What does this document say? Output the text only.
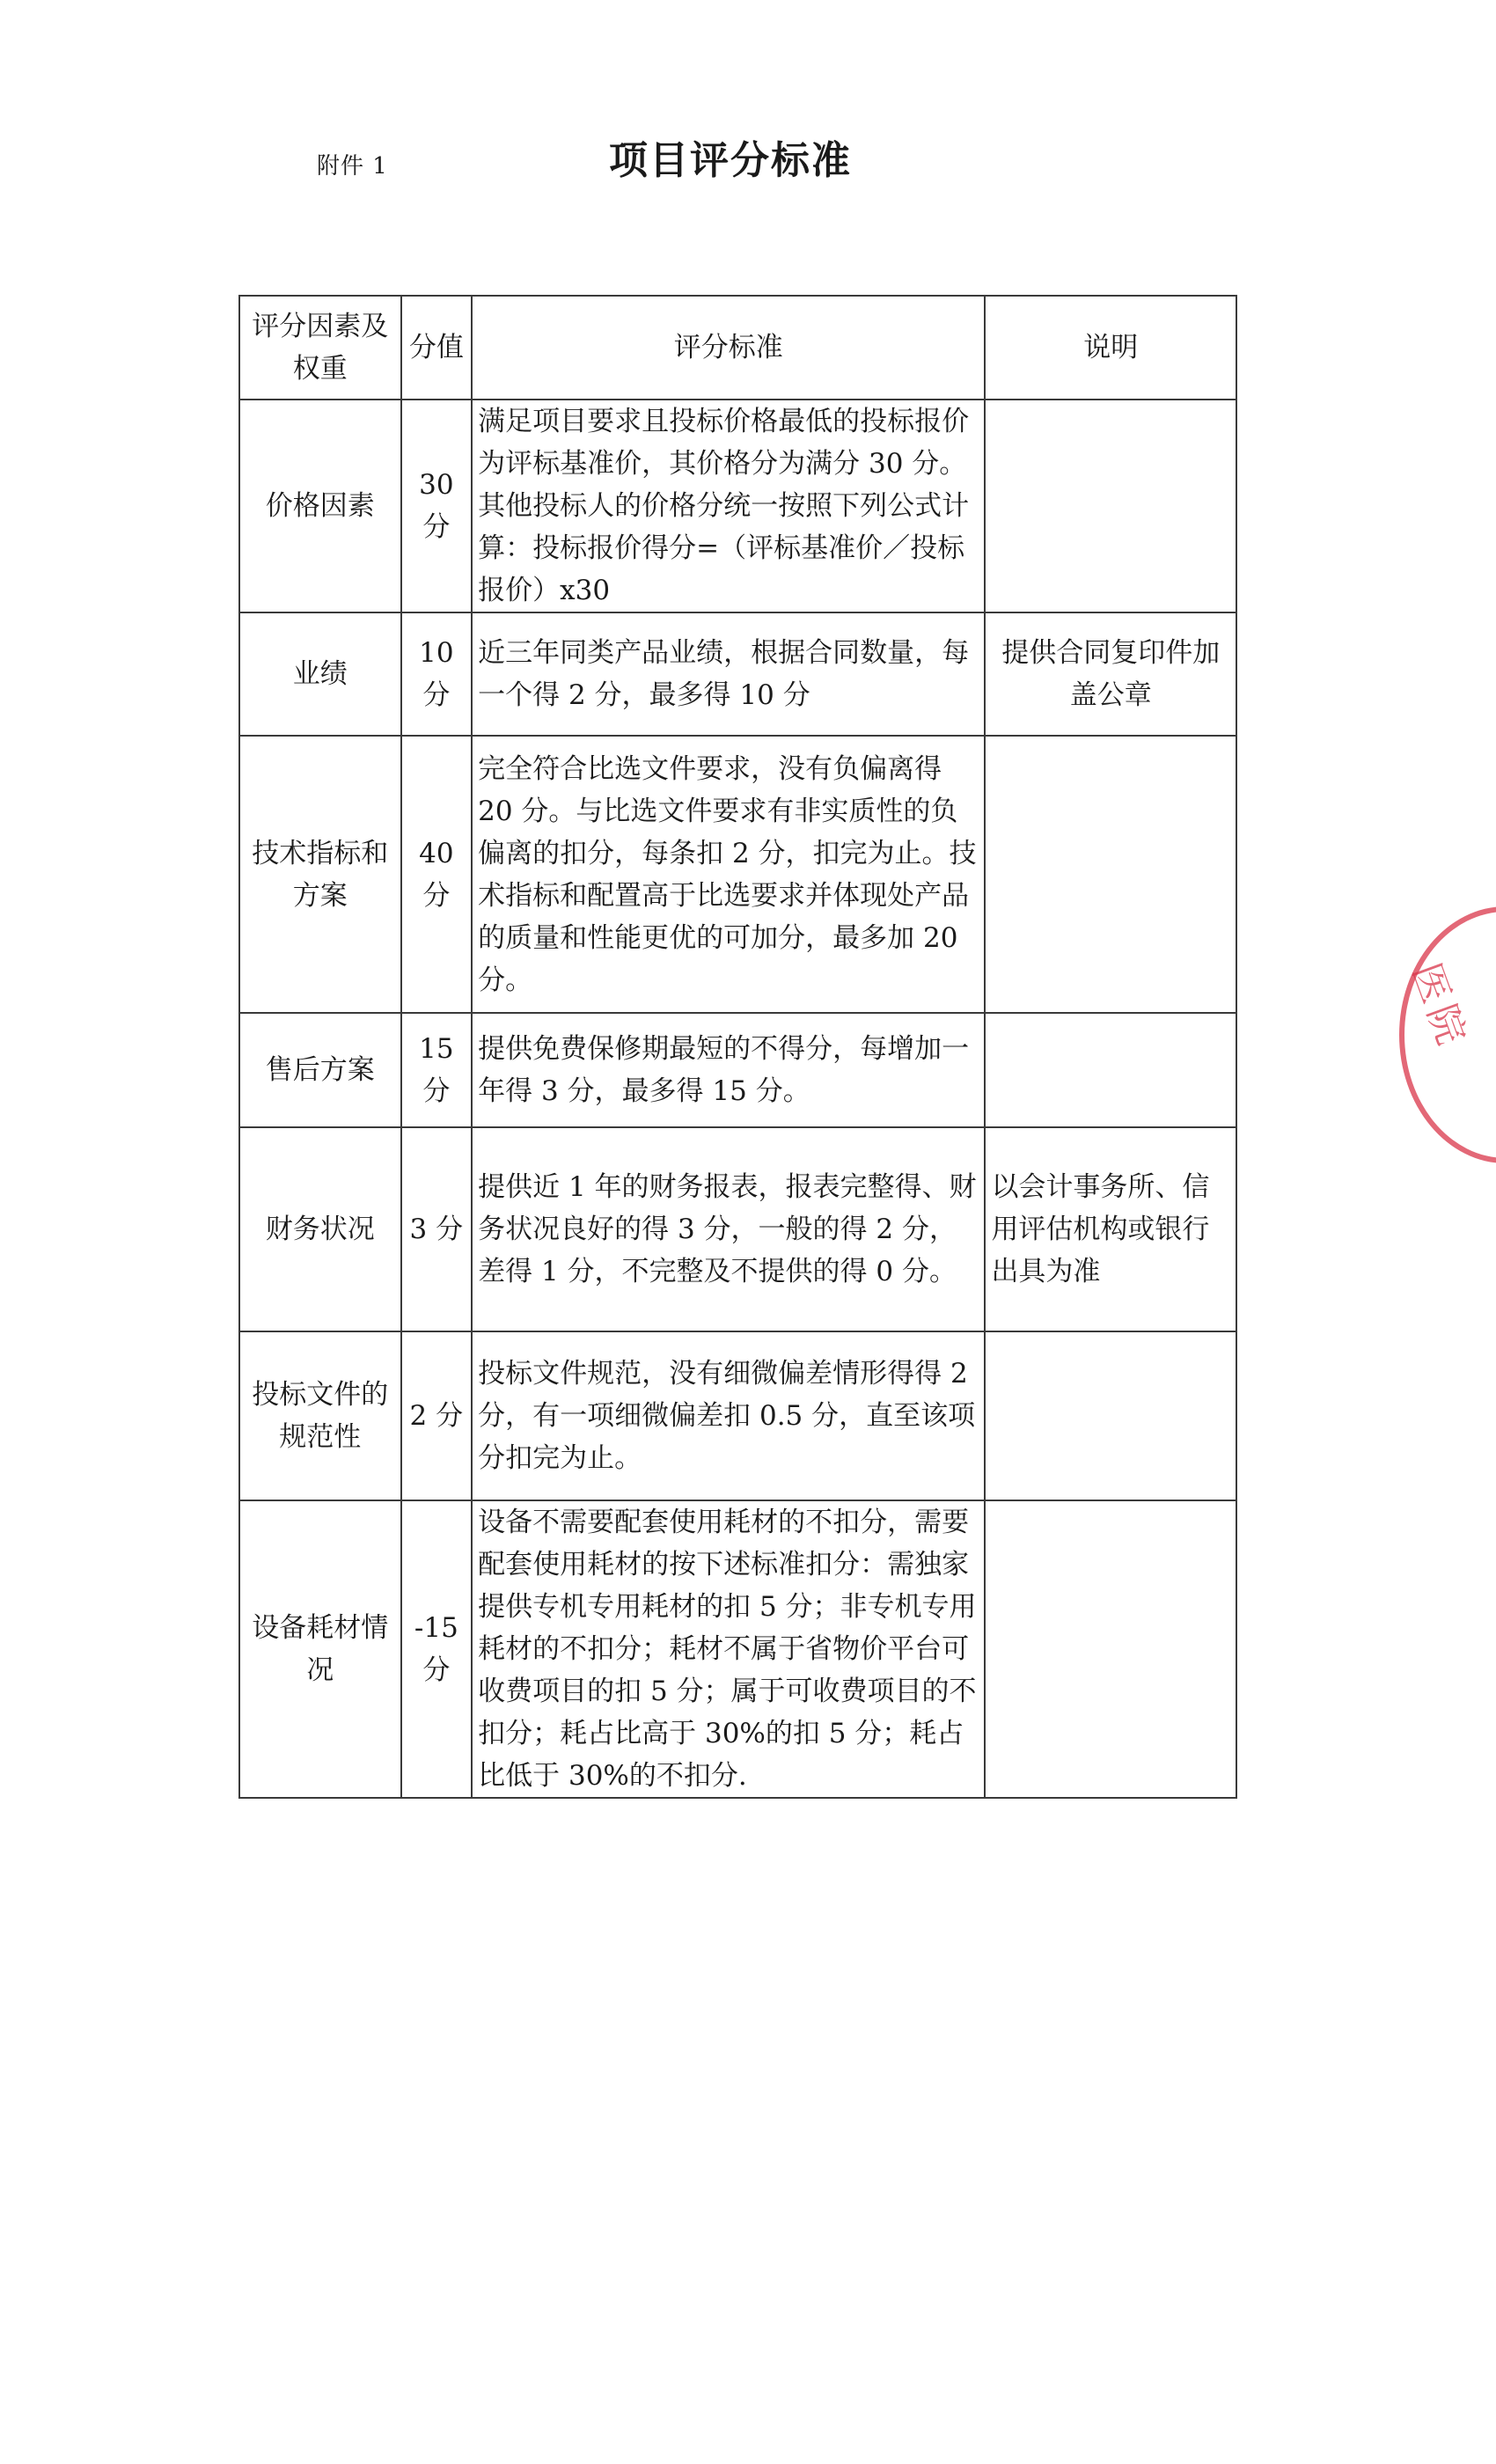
附件 1	项目评分标准
评分因素及权重	分值	评分标准	说明
价格因素	30 分	满足项目要求且投标价格最低的投标报价为评标基准价，其价格分为满分 30 分。其他投标人的价格分统一按照下列公式计算：投标报价得分=（评标基准价／投标报价）x30	
业绩	10 分	近三年同类产品业绩，根据合同数量，每一个得 2 分，最多得 10 分	提供合同复印件加盖公章
技术指标和方案	40 分	完全符合比选文件要求，没有负偏离得 20 分。与比选文件要求有非实质性的负偏离的扣分，每条扣 2 分，扣完为止。技术指标和配置高于比选要求并体现处产品的质量和性能更优的可加分，最多加 20 分。	
售后方案	15 分	提供免费保修期最短的不得分，每增加一年得 3 分，最多得 15 分。	
财务状况	3 分	提供近 1 年的财务报表，报表完整得、财务状况良好的得 3 分，一般的得 2 分，差得 1 分，不完整及不提供的得 0 分。	以会计事务所、信用评估机构或银行出具为准
投标文件的规范性	2 分	投标文件规范，没有细微偏差情形得得 2 分，有一项细微偏差扣 0.5 分，直至该项分扣完为止。	
设备耗材情况	-15 分	设备不需要配套使用耗材的不扣分，需要配套使用耗材的按下述标准扣分：需独家提供专机专用耗材的扣 5 分；非专机专用耗材的不扣分；耗材不属于省物价平台可收费项目的扣 5 分；属于可收费项目的不扣分；耗占比高于 30%的扣 5 分；耗占比低于 30%的不扣分.	
医院
